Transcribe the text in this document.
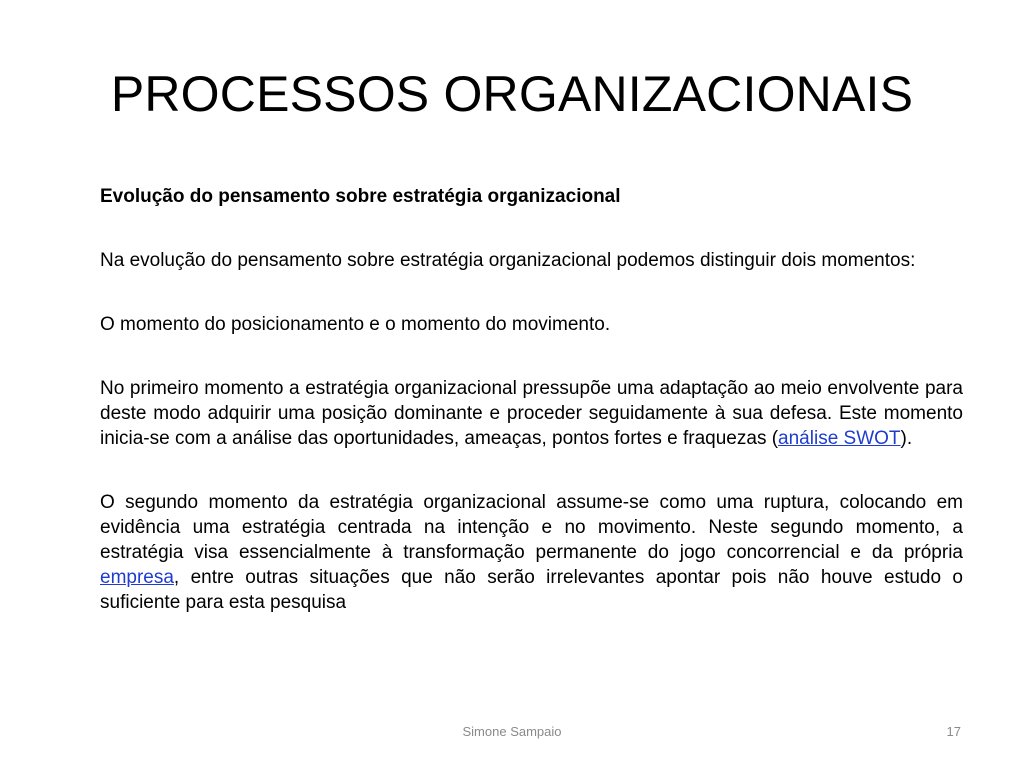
PROCESSOS ORGANIZACIONAIS

Evolução do pensamento sobre estratégia organizacional

Na evolução do pensamento sobre estratégia organizacional podemos distinguir dois momentos:

O momento do posicionamento e o momento do movimento.

No primeiro momento a estratégia organizacional pressupõe uma adaptação ao meio envolvente para deste modo adquirir uma posição dominante e proceder seguidamente à sua defesa. Este momento inicia-se com a análise das oportunidades, ameaças, pontos fortes e fraquezas (análise SWOT).

O segundo momento da estratégia organizacional assume-se como uma ruptura, colocando em evidência uma estratégia centrada na intenção e no movimento. Neste segundo momento, a estratégia visa essencialmente à transformação permanente do jogo concorrencial e da própria empresa, entre outras situações que não serão irrelevantes apontar pois não houve estudo o suficiente para esta pesquisa

Simone Sampaio	17
